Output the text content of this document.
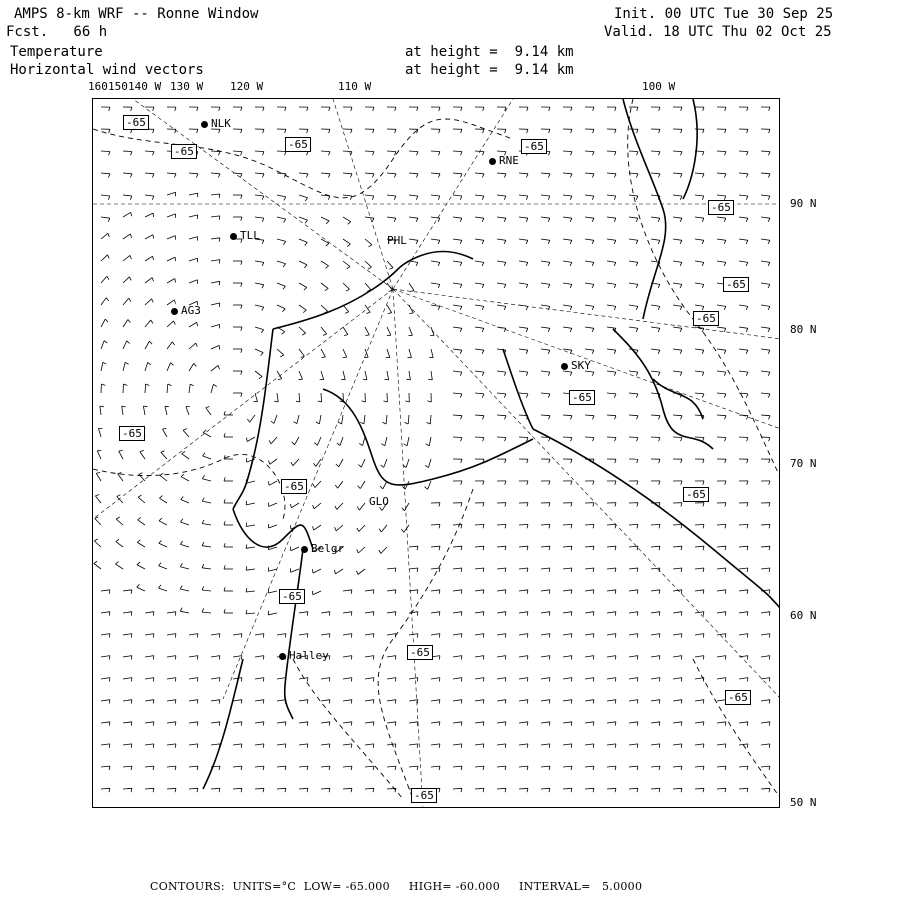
AMPS 8-km WRF -- Ronne Window
Fcst.   66 h
Temperature
Horizontal wind vectors
Init. 00 UTC Tue 30 Sep 25
Valid. 18 UTC Thu 02 Oct 25
at height =  9.14 km
at height =  9.14 km
160 150 140 W 130 W 120 W	110 W	100 W
90 N
80 N
70 N
60 N
50 N
NLK
RNE
TLL	PHL
AG3
SKY
GLO
Belgr
Halley
-65
-65
-65	-65
-65
-65
-65
-65
-65
-65
-65
-65
-65
-65
-65
CONTOURS:  UNITS=°C  LOW= -65.000     HIGH= -60.000     INTERVAL=   5.0000
